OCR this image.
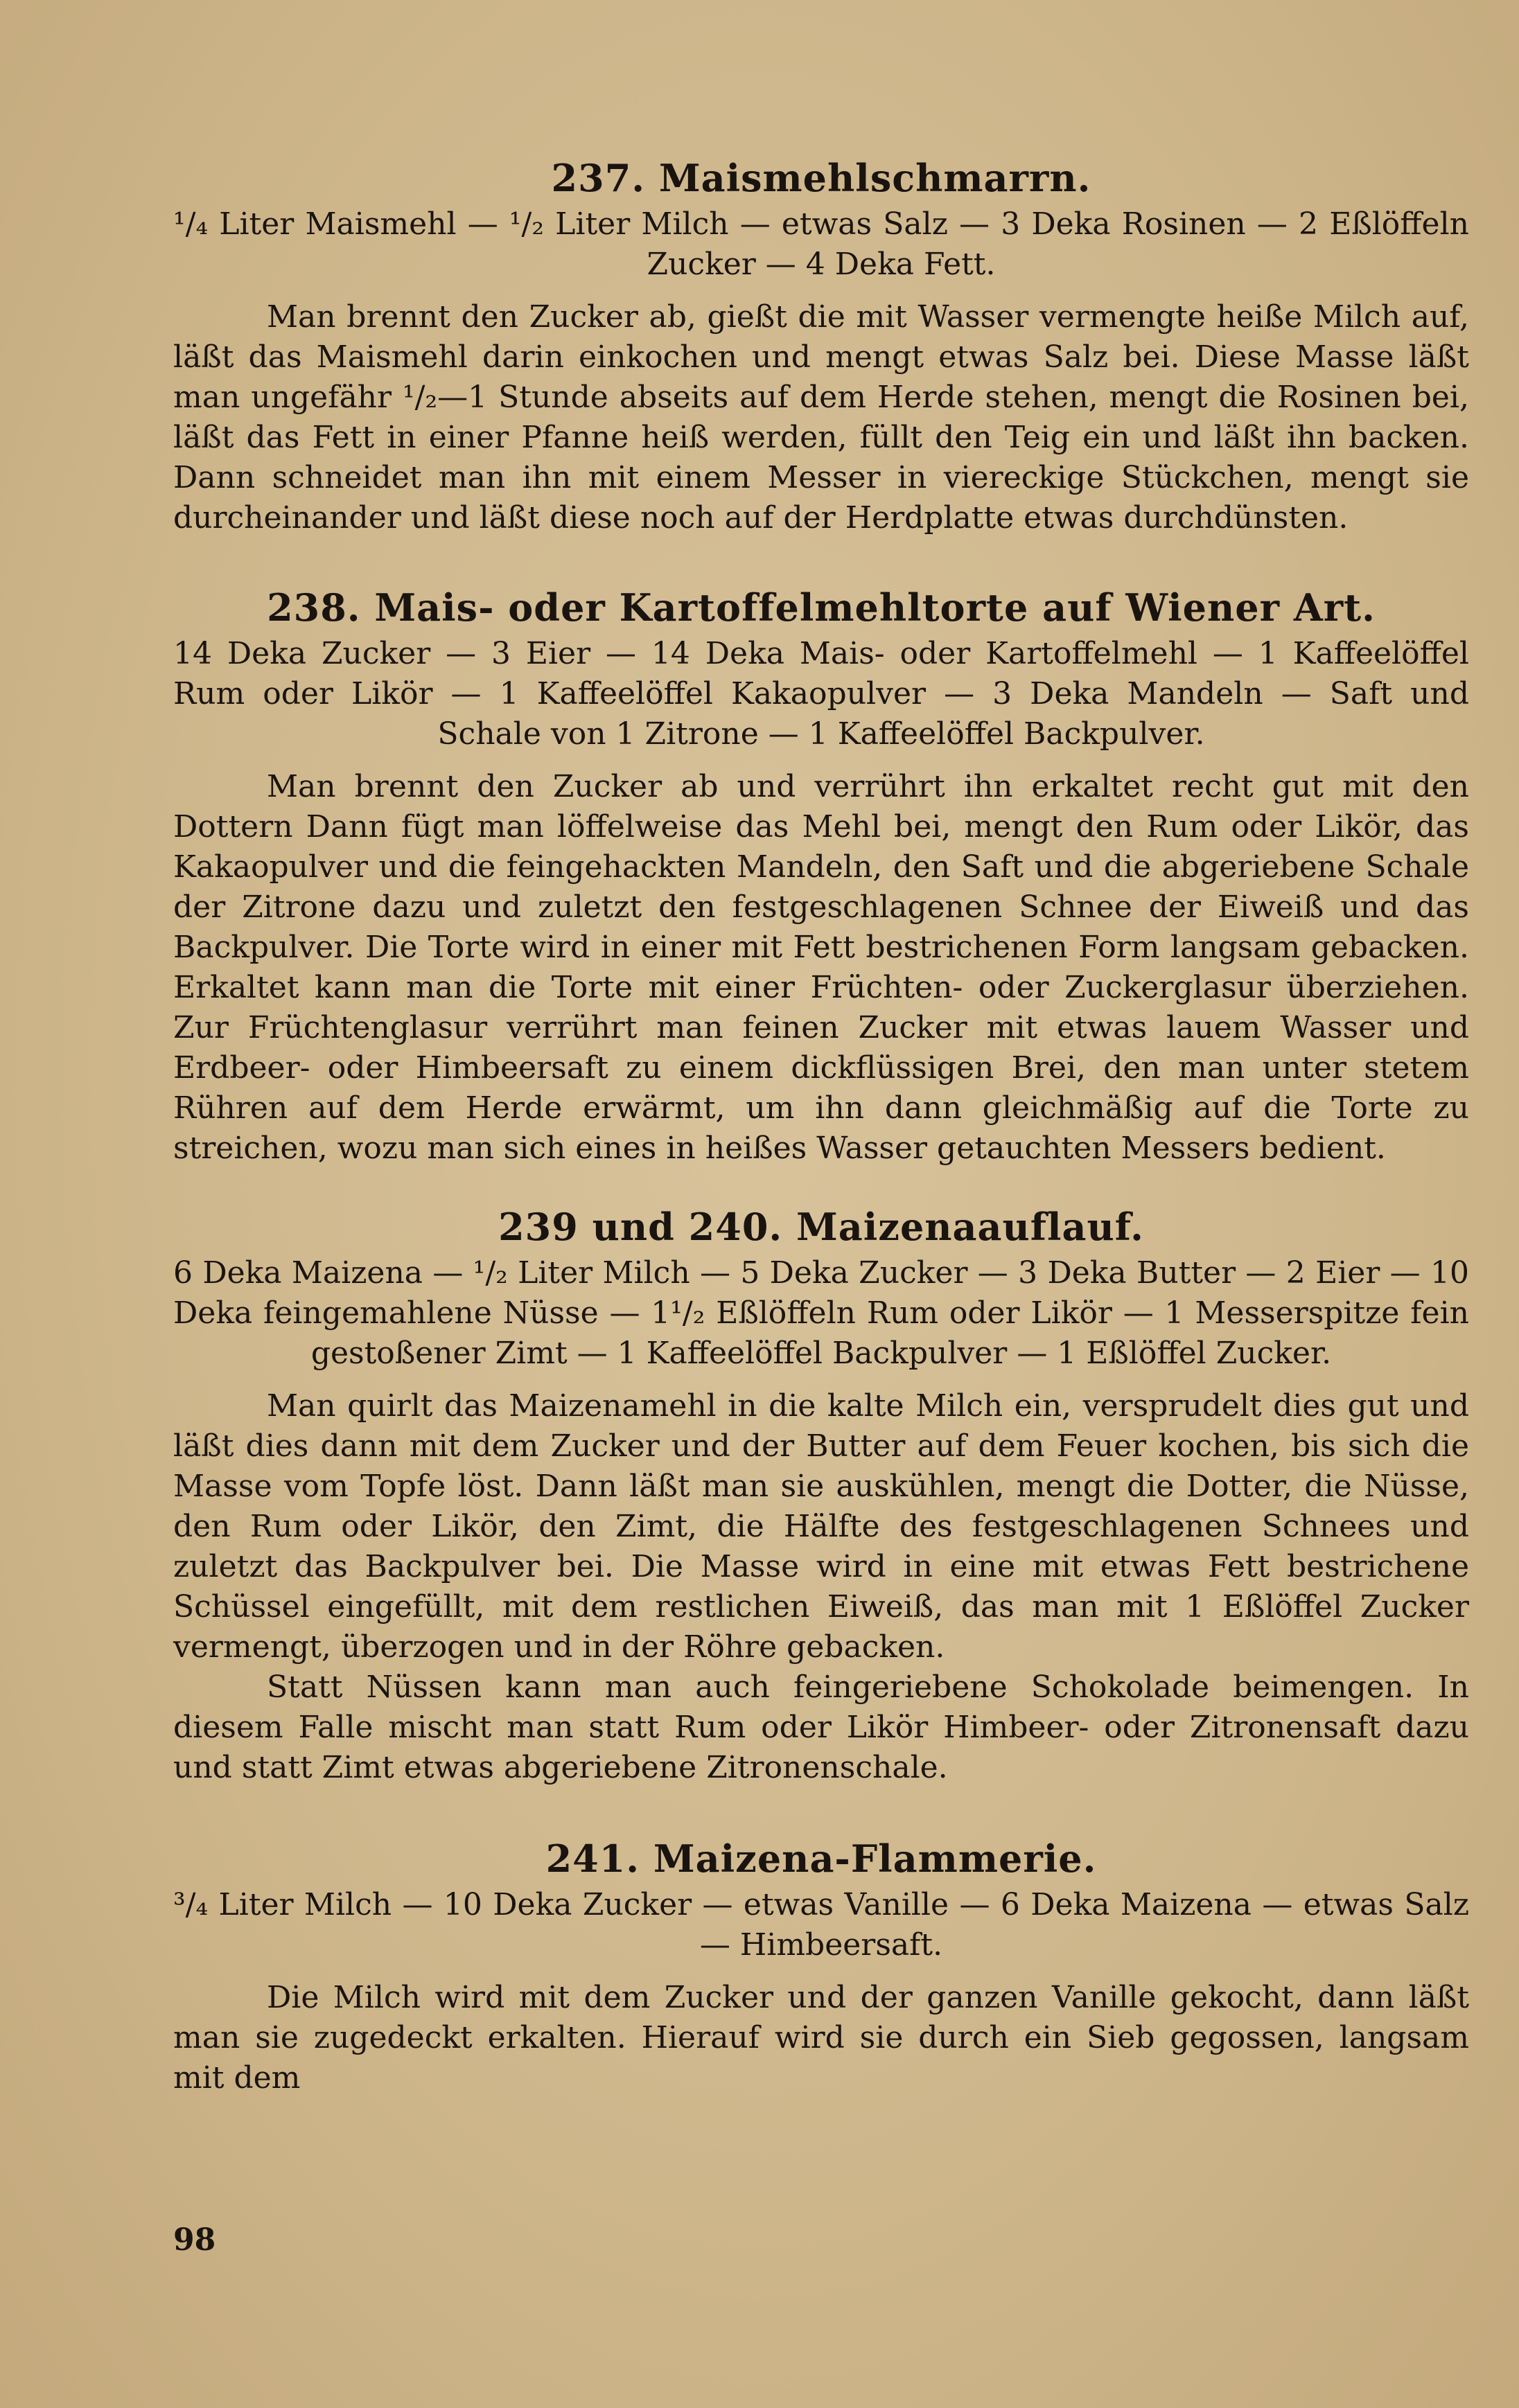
237. Maismehlschmarrn.

¹/₄ Liter Maismehl — ¹/₂ Liter Milch — etwas Salz — 3 Deka Rosinen — 2 Eßlöffeln Zucker — 4 Deka Fett.

Man brennt den Zucker ab, gießt die mit Wasser vermengte heiße Milch auf, läßt das Maismehl darin einkochen und mengt etwas Salz bei. Diese Masse läßt man ungefähr ¹/₂—1 Stunde abseits auf dem Herde stehen, mengt die Rosinen bei, läßt das Fett in einer Pfanne heiß werden, füllt den Teig ein und läßt ihn backen. Dann schneidet man ihn mit einem Messer in viereckige Stückchen, mengt sie durcheinander und läßt diese noch auf der Herdplatte etwas durchdünsten.

238. Mais- oder Kartoffelmehltorte auf Wiener Art.

14 Deka Zucker — 3 Eier — 14 Deka Mais- oder Kartoffelmehl — 1 Kaffeelöffel Rum oder Likör — 1 Kaffeelöffel Kakaopulver — 3 Deka Mandeln — Saft und Schale von 1 Zitrone — 1 Kaffeelöffel Backpulver.

Man brennt den Zucker ab und verrührt ihn erkaltet recht gut mit den Dottern Dann fügt man löffelweise das Mehl bei, mengt den Rum oder Likör, das Kakaopulver und die feingehackten Mandeln, den Saft und die abgeriebene Schale der Zitrone dazu und zuletzt den festgeschlagenen Schnee der Eiweiß und das Backpulver. Die Torte wird in einer mit Fett bestrichenen Form langsam gebacken. Erkaltet kann man die Torte mit einer Früchten- oder Zuckerglasur überziehen. Zur Früchtenglasur verrührt man feinen Zucker mit etwas lauem Wasser und Erdbeer- oder Himbeersaft zu einem dickflüssigen Brei, den man unter stetem Rühren auf dem Herde erwärmt, um ihn dann gleichmäßig auf die Torte zu streichen, wozu man sich eines in heißes Wasser getauchten Messers bedient.

239 und 240. Maizenaauflauf.

6 Deka Maizena — ¹/₂ Liter Milch — 5 Deka Zucker — 3 Deka Butter — 2 Eier — 10 Deka feingemahlene Nüsse — 1¹/₂ Eßlöffeln Rum oder Likör — 1 Messerspitze fein gestoßener Zimt — 1 Kaffeelöffel Backpulver — 1 Eßlöffel Zucker.

Man quirlt das Maizenamehl in die kalte Milch ein, versprudelt dies gut und läßt dies dann mit dem Zucker und der Butter auf dem Feuer kochen, bis sich die Masse vom Topfe löst. Dann läßt man sie auskühlen, mengt die Dotter, die Nüsse, den Rum oder Likör, den Zimt, die Hälfte des festgeschlagenen Schnees und zuletzt das Backpulver bei. Die Masse wird in eine mit etwas Fett bestrichene Schüssel eingefüllt, mit dem restlichen Eiweiß, das man mit 1 Eßlöffel Zucker vermengt, überzogen und in der Röhre gebacken.

Statt Nüssen kann man auch feingeriebene Schokolade beimengen. In diesem Falle mischt man statt Rum oder Likör Himbeer- oder Zitronensaft dazu und statt Zimt etwas abgeriebene Zitronenschale.

241. Maizena-Flammerie.

³/₄ Liter Milch — 10 Deka Zucker — etwas Vanille — 6 Deka Maizena — etwas Salz — Himbeersaft.

Die Milch wird mit dem Zucker und der ganzen Vanille gekocht, dann läßt man sie zugedeckt erkalten. Hierauf wird sie durch ein Sieb gegossen, langsam mit dem

98
